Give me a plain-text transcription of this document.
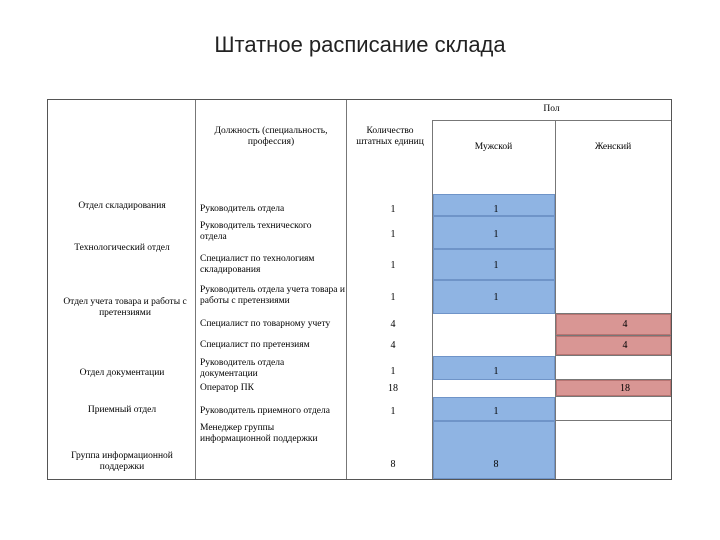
Штатное расписание склада
Пол
Должность (специальность, профессия)
Количество штатных единиц	Мужской	Женский
Отдел складирования
Технологический отдел
Отдел учета товара и работы с претензиями
Отдел документации
Приемный отдел
Группа информационной поддержки
Руководитель отдела
Руководитель технического отдела
Специалист по технологиям складирования
Руководитель отдела учета товара и работы с претензиями
Специалист по товарному учету
Специалист по претензиям
Руководитель отдела документации
Оператор ПК
Руководитель приемного отдела
Менеджер группы информационной поддержки
1
1
1
1
4
4
1
18
1
8
1
1
1
1
1
1
8
4
4
18
